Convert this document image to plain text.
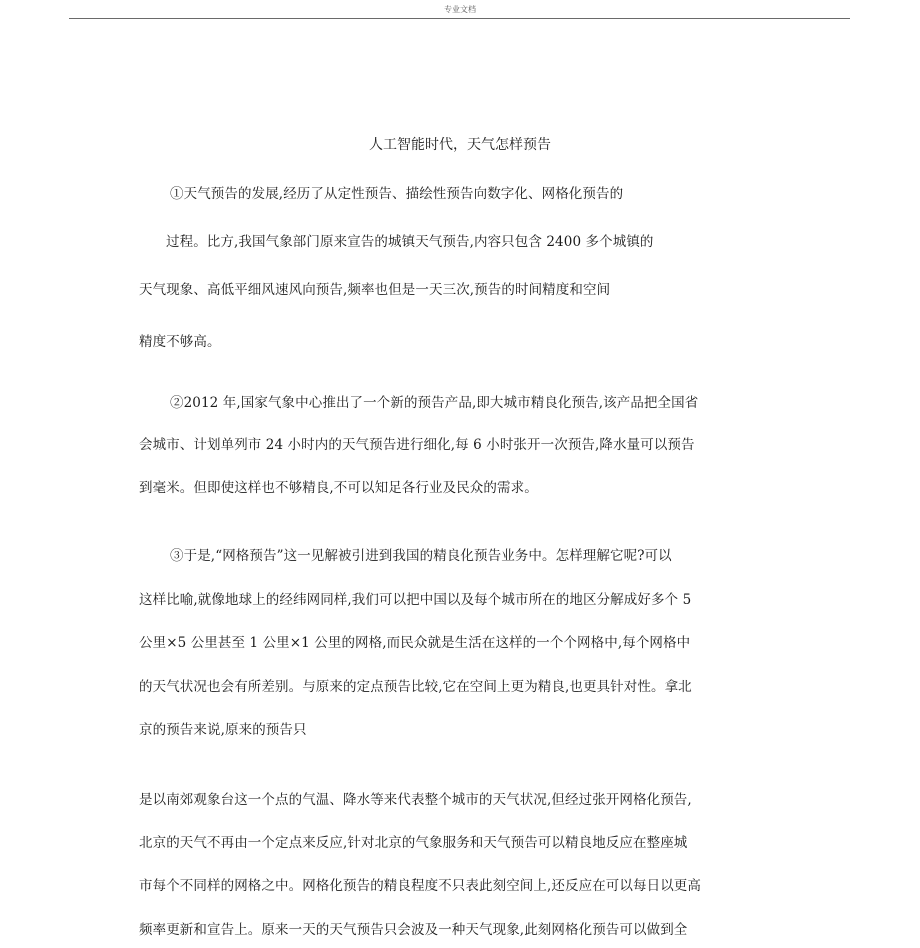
专业文档
人工智能时代，天气怎样预告
①天气预告的发展,经历了从定性预告、描绘性预告向数字化、网格化预告的
过程。比方,我国气象部门原来宣告的城镇天气预告,内容只包含 2400 多个城镇的
天气现象、高低平细风速风向预告,频率也但是一天三次,预告的时间精度和空间
精度不够高。
②2012 年,国家气象中心推出了一个新的预告产品,即大城市精良化预告,该产品把全国省
会城市、计划单列市 24 小时内的天气预告进行细化,每 6 小时张开一次预告,降水量可以预告
到毫米。但即使这样也不够精良,不可以知足各行业及民众的需求。
③于是,“网格预告”这一见解被引进到我国的精良化预告业务中。怎样理解它呢?可以
这样比喻,就像地球上的经纬网同样,我们可以把中国以及每个城市所在的地区分解成好多个 5
公里×5 公里甚至 1 公里×1 公里的网格,而民众就是生活在这样的一个个网格中,每个网格中
的天气状况也会有所差别。与原来的定点预告比较,它在空间上更为精良,也更具针对性。拿北
京的预告来说,原来的预告只
是以南郊观象台这一个点的气温、降水等来代表整个城市的天气状况,但经过张开网格化预告,
北京的天气不再由一个定点来反应,针对北京的气象服务和天气预告可以精良地反应在整座城
市每个不同样的网格之中。网格化预告的精良程度不只表此刻空间上,还反应在可以每日以更高
频率更新和宣告上。原来一天的天气预告只会波及一种天气现象,此刻网格化预告可以做到全
